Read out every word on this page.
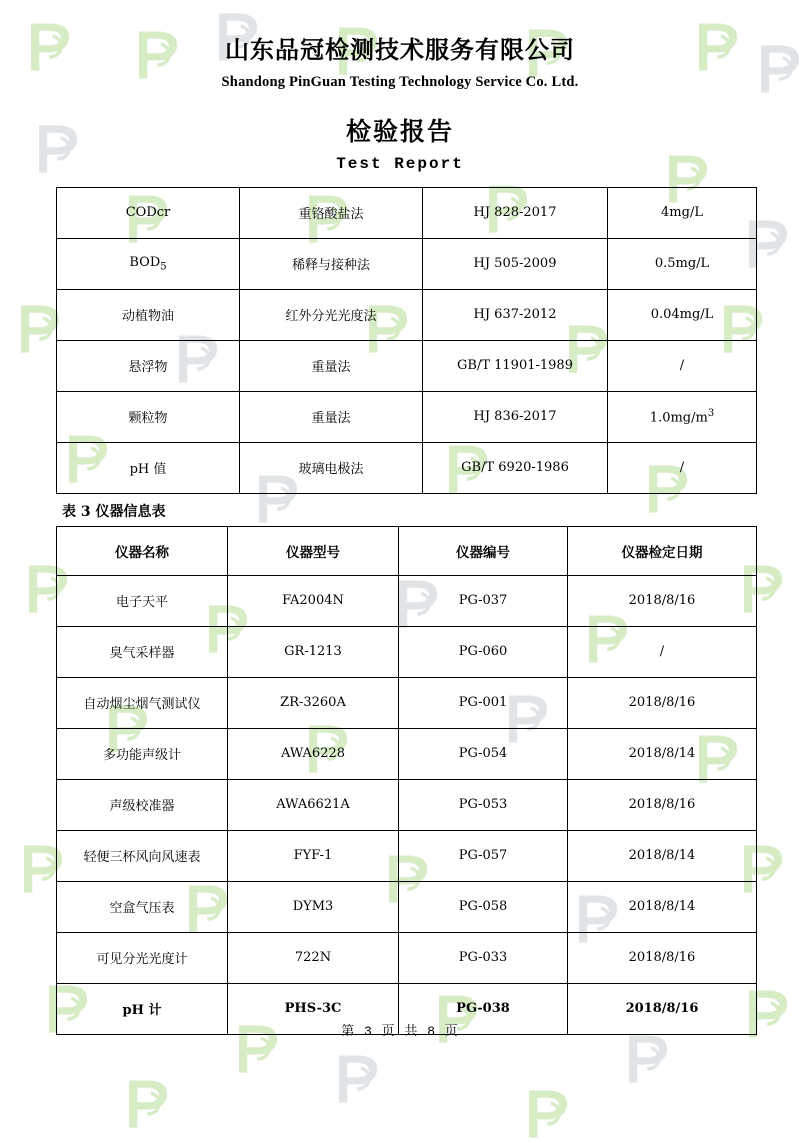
山东品冠检测技术服务有限公司
Shandong PinGuan Testing Technology Service Co. Ltd.
检验报告
Test Report
CODcr	重铬酸盐法	HJ 828-2017	4mg/L
$BOD_5$	稀释与接种法	HJ 505-2009	0.5mg/L
动植物油	红外分光光度法	HJ 637-2012	0.04mg/L
悬浮物	重量法	GB/T 11901-1989	/
颗粒物	重量法	HJ 836-2017	$1.0mg/m^3$
pH 值	玻璃电极法	GB/T 6920-1986	/
表 3 仪器信息表
仪器名称	仪器型号	仪器编号	仪器检定日期
电子天平	FA2004N	PG-037	2018/8/16
臭气采样器	GR-1213	PG-060	/
自动烟尘烟气测试仪	ZR-3260A	PG-001	2018/8/16
多功能声级计	AWA6228	PG-054	2018/8/14
声级校准器	AWA6621A	PG-053	2018/8/16
轻便三杯风向风速表	FYF-1	PG-057	2018/8/14
空盒气压表	DYM3	PG-058	2018/8/14
可见分光光度计	722N	PG-033	2018/8/16
pH 计	PHS-3C	PG-038	2018/8/16
第 3 页 共 8 页
